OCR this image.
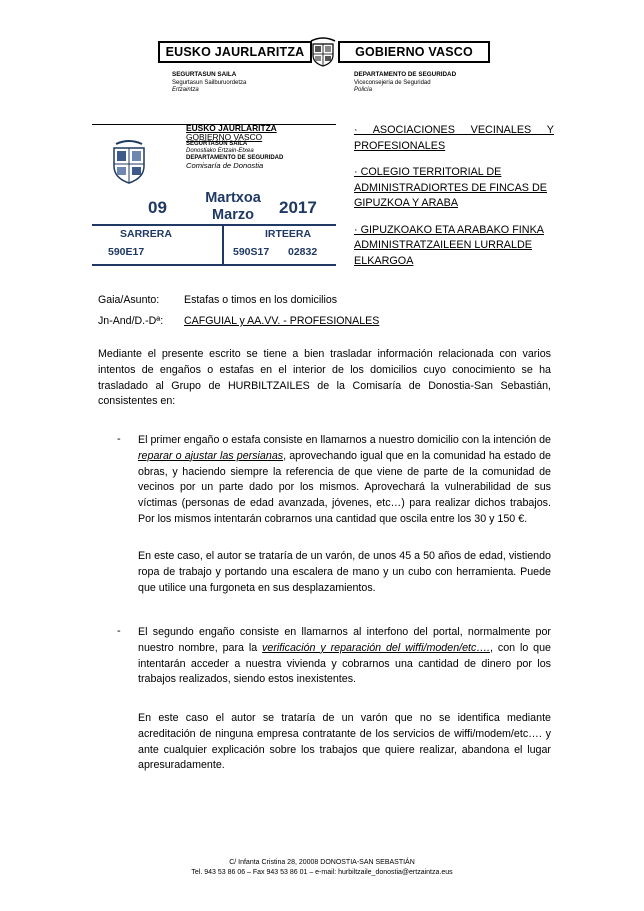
EUSKO JAURLARITZA	GOBIERNO VASCO
SEGURTASUN SAILA
Segurtasun Sailburuordetza
Ertzaintza
DEPARTAMENTO DE SEGURIDAD
Viceconsejería de Seguridad
Policía
EUSKO JAURLARITZA
GOBIERNO VASCO
SEGURTASUN SAILA
Donostiako Ertzain-Etxea
DEPARTAMENTO DE SEGURIDAD
Comisaría de Donostia
09	Martxoa
Marzo	2017
SARRERA	IRTEERA
590E17	590S17 02832
· ASOCIACIONES VECINALES Y PROFESIONALES
· COLEGIO TERRITORIAL DE ADMINISTRADIORTES DE FINCAS DE GIPUZKOA Y ARABA
· GIPUZKOAKO ETA ARABAKO FINKA ADMINISTRATZAILEEN LURRALDE ELKARGOA
Gaia/Asunto: Estafas o timos en los domicilios
Jn-And/D.-Dª: CAFGUIAL y AA.VV. - PROFESIONALES
Mediante el presente escrito se tiene a bien trasladar información relacionada con varios intentos de engaños o estafas en el interior de los domicilios cuyo conocimiento se ha trasladado al Grupo de HURBILTZAILES de la Comisaría de Donostia-San Sebastián, consistentes en:
- El primer engaño o estafa consiste en llamarnos a nuestro domicilio con la intención de reparar o ajustar las persianas, aprovechando igual que en la comunidad ha estado de obras, y haciendo siempre la referencia de que viene de parte de la comunidad de vecinos por un parte dado por los mismos. Aprovechará la vulnerabilidad de sus víctimas (personas de edad avanzada, jóvenes, etc…) para realizar dichos trabajos. Por los mismos intentarán cobrarnos una cantidad que oscila entre los 30 y 150 €.
En este caso, el autor se trataría de un varón, de unos 45 a 50 años de edad, vistiendo ropa de trabajo y portando una escalera de mano y un cubo con herramienta. Puede que utilice una furgoneta en sus desplazamientos.
- El segundo engaño consiste en llamarnos al interfono del portal, normalmente por nuestro nombre, para la verificación y reparación del wiffi/moden/etc…., con lo que intentarán acceder a nuestra vivienda y cobrarnos una cantidad de dinero por los trabajos realizados, siendo estos inexistentes.
En este caso el autor se trataría de un varón que no se identifica mediante acreditación de ninguna empresa contratante de los servicios de wiffi/modem/etc…. y ante cualquier explicación sobre los trabajos que quiere realizar, abandona el lugar apresuradamente.
C/ Infanta Cristina 28, 20008 DONOSTIA-SAN SEBASTIÁN
Tel. 943 53 86 06 – Fax 943 53 86 01 – e-mail: hurbiltzaile_donostia@ertzaintza.eus
